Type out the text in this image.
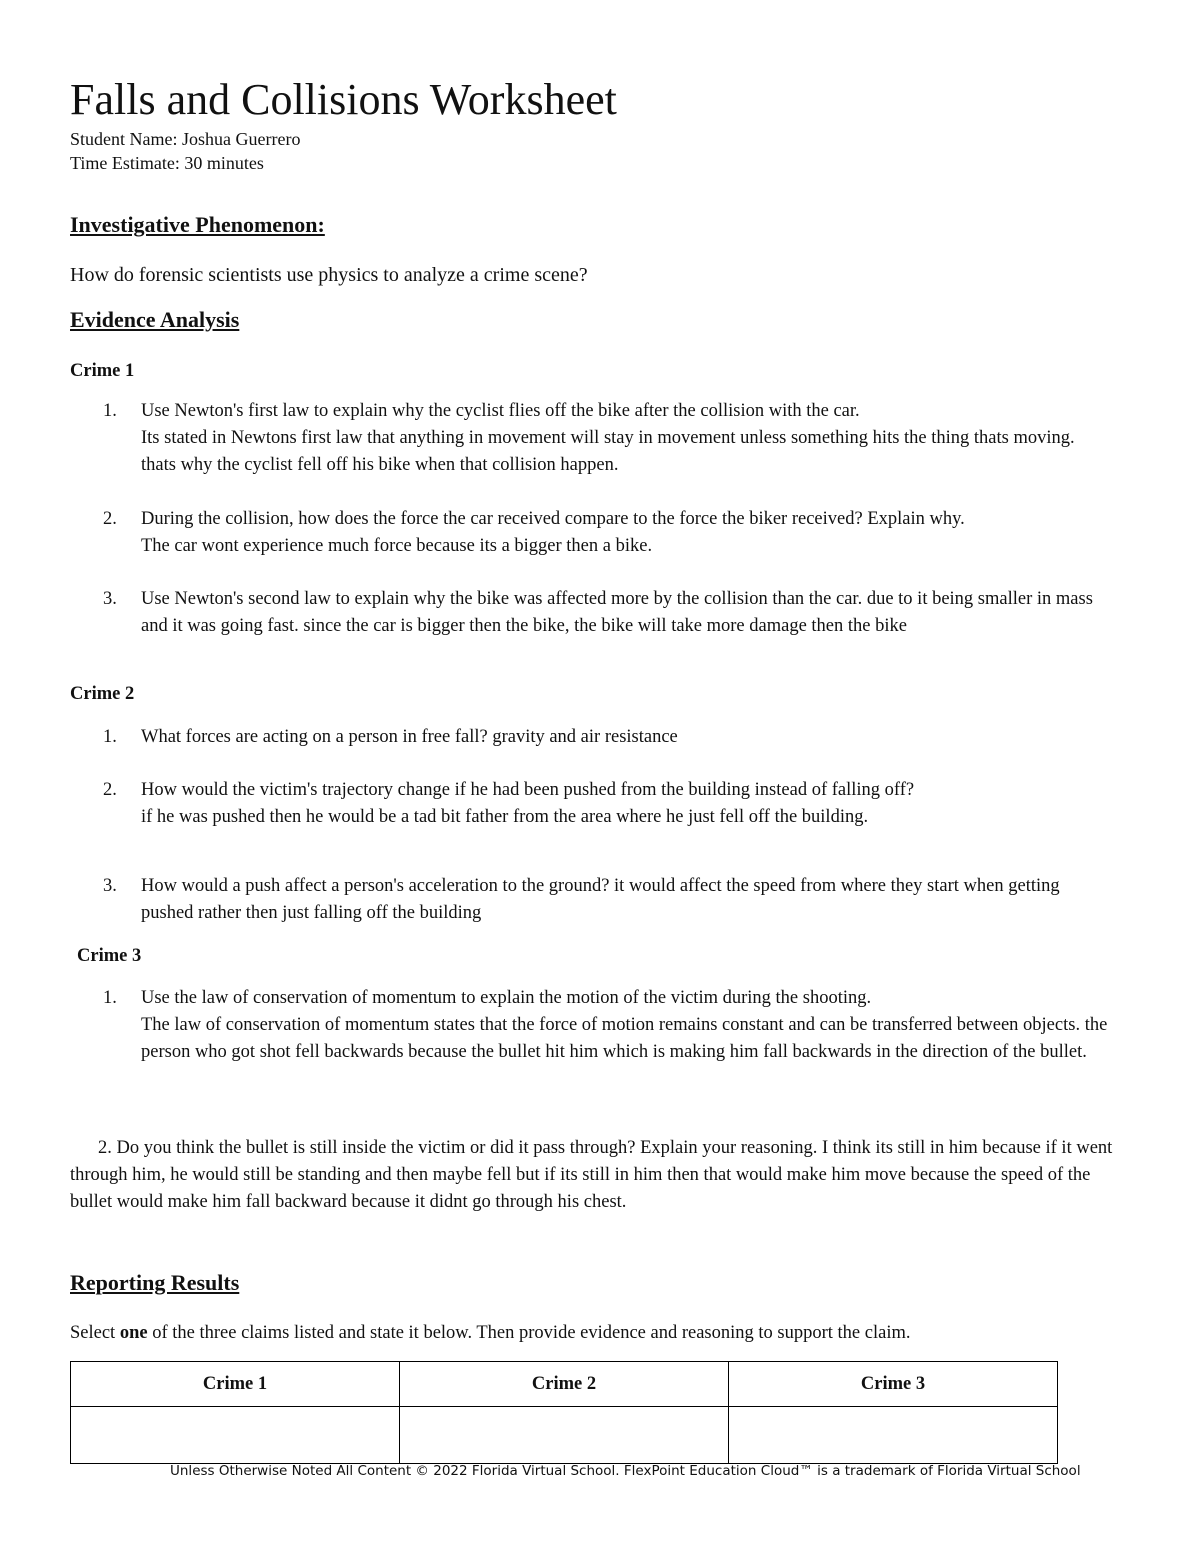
Falls and Collisions Worksheet
Student Name: Joshua Guerrero
Time Estimate: 30 minutes
Investigative Phenomenon:
How do forensic scientists use physics to analyze a crime scene?
Evidence Analysis
Crime 1
1.	Use Newton's first law to explain why the cyclist flies off the bike after the collision with the car.
Its stated in Newtons first law that anything in movement will stay in movement unless something hits the thing thats moving. thats why the cyclist fell off his bike when that collision happen.
2.	During the collision, how does the force the car received compare to the force the biker received? Explain why.
The car wont experience much force because its a bigger then a bike.
3.	Use Newton's second law to explain why the bike was affected more by the collision than the car. due to it being smaller in mass and it was going fast. since the car is bigger then the bike, the bike will take more damage then the bike
Crime 2
1.	What forces are acting on a person in free fall? gravity and air resistance
2.	How would the victim's trajectory change if he had been pushed from the building instead of falling off?
if he was pushed then he would be a tad bit father from the area where he just fell off the building.
3.	How would a push affect a person's acceleration to the ground? it would affect the speed from where they start when getting pushed rather then just falling off the building
Crime 3
1.	Use the law of conservation of momentum to explain the motion of the victim during the shooting.
The law of conservation of momentum states that the force of motion remains constant and can be transferred between objects. the person who got shot fell backwards because the bullet hit him which is making him fall backwards in the direction of the bullet.
2. Do you think the bullet is still inside the victim or did it pass through? Explain your reasoning. I think its still in him because if it went through him, he would still be standing and then maybe fell but if its still in him then that would make him move because the speed of the bullet would make him fall backward because it didnt go through his chest.
Reporting Results
Select one of the three claims listed and state it below. Then provide evidence and reasoning to support the claim.
Crime 1	Crime 2	Crime 3

Unless Otherwise Noted All Content © 2022 Florida Virtual School. FlexPoint Education Cloud™ is a trademark of Florida Virtual School
